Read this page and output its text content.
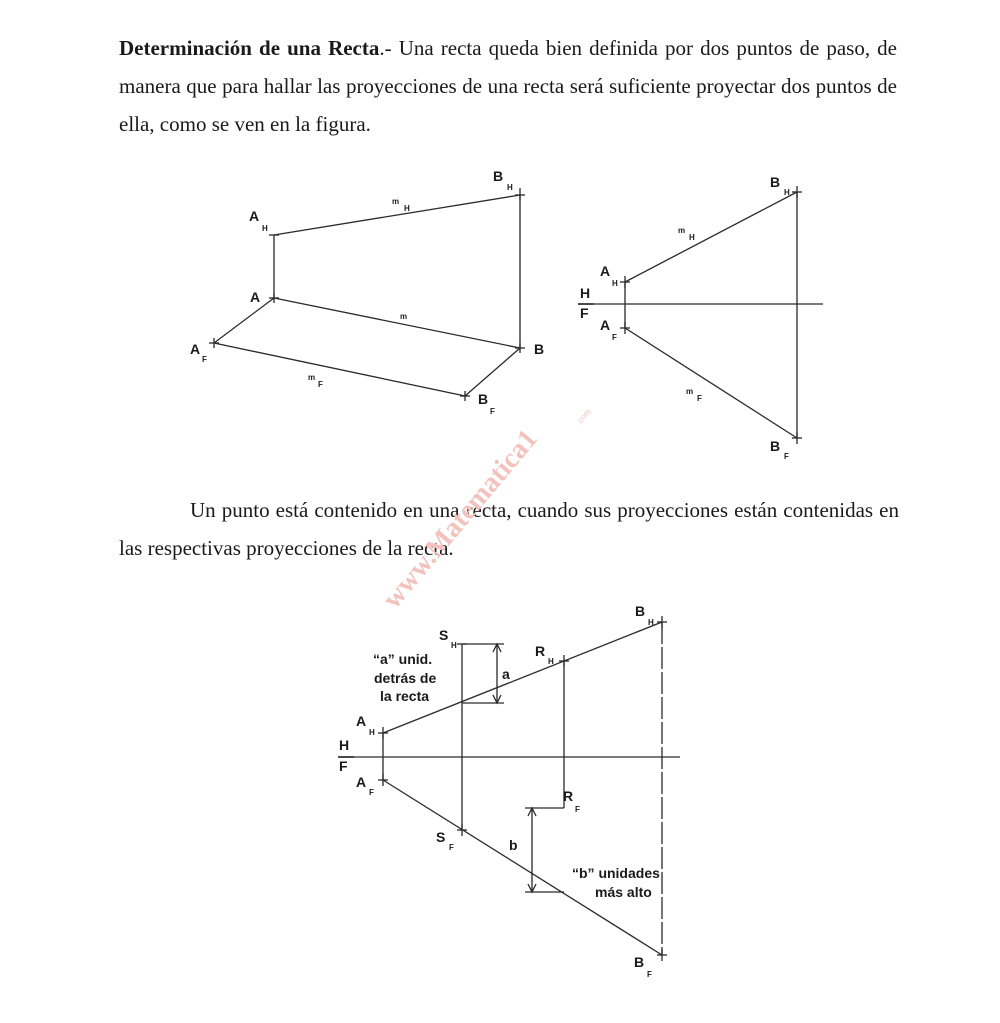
Determinación de una Recta.- Una recta queda bien definida por dos puntos de paso, de manera que para hallar las proyecciones de una recta será suficiente proyectar dos puntos de ella, como se ven en la figura.

Un punto está contenido en una recta, cuando sus proyecciones están contenidas en las respectivas proyecciones de la recta.

www.Matematica1
.com
A
H
B
H
A
B
A
F
B
F
m
H
m
m
F
H
F
A
H
A
F
B
H
B
F
m
H
m
F
H
F
A
H
A
F
S
H
S
F
R
H
R
F
B
H
B
F
a
b
“a” unid.
detrás de
la recta
“b” unidades
más alto
